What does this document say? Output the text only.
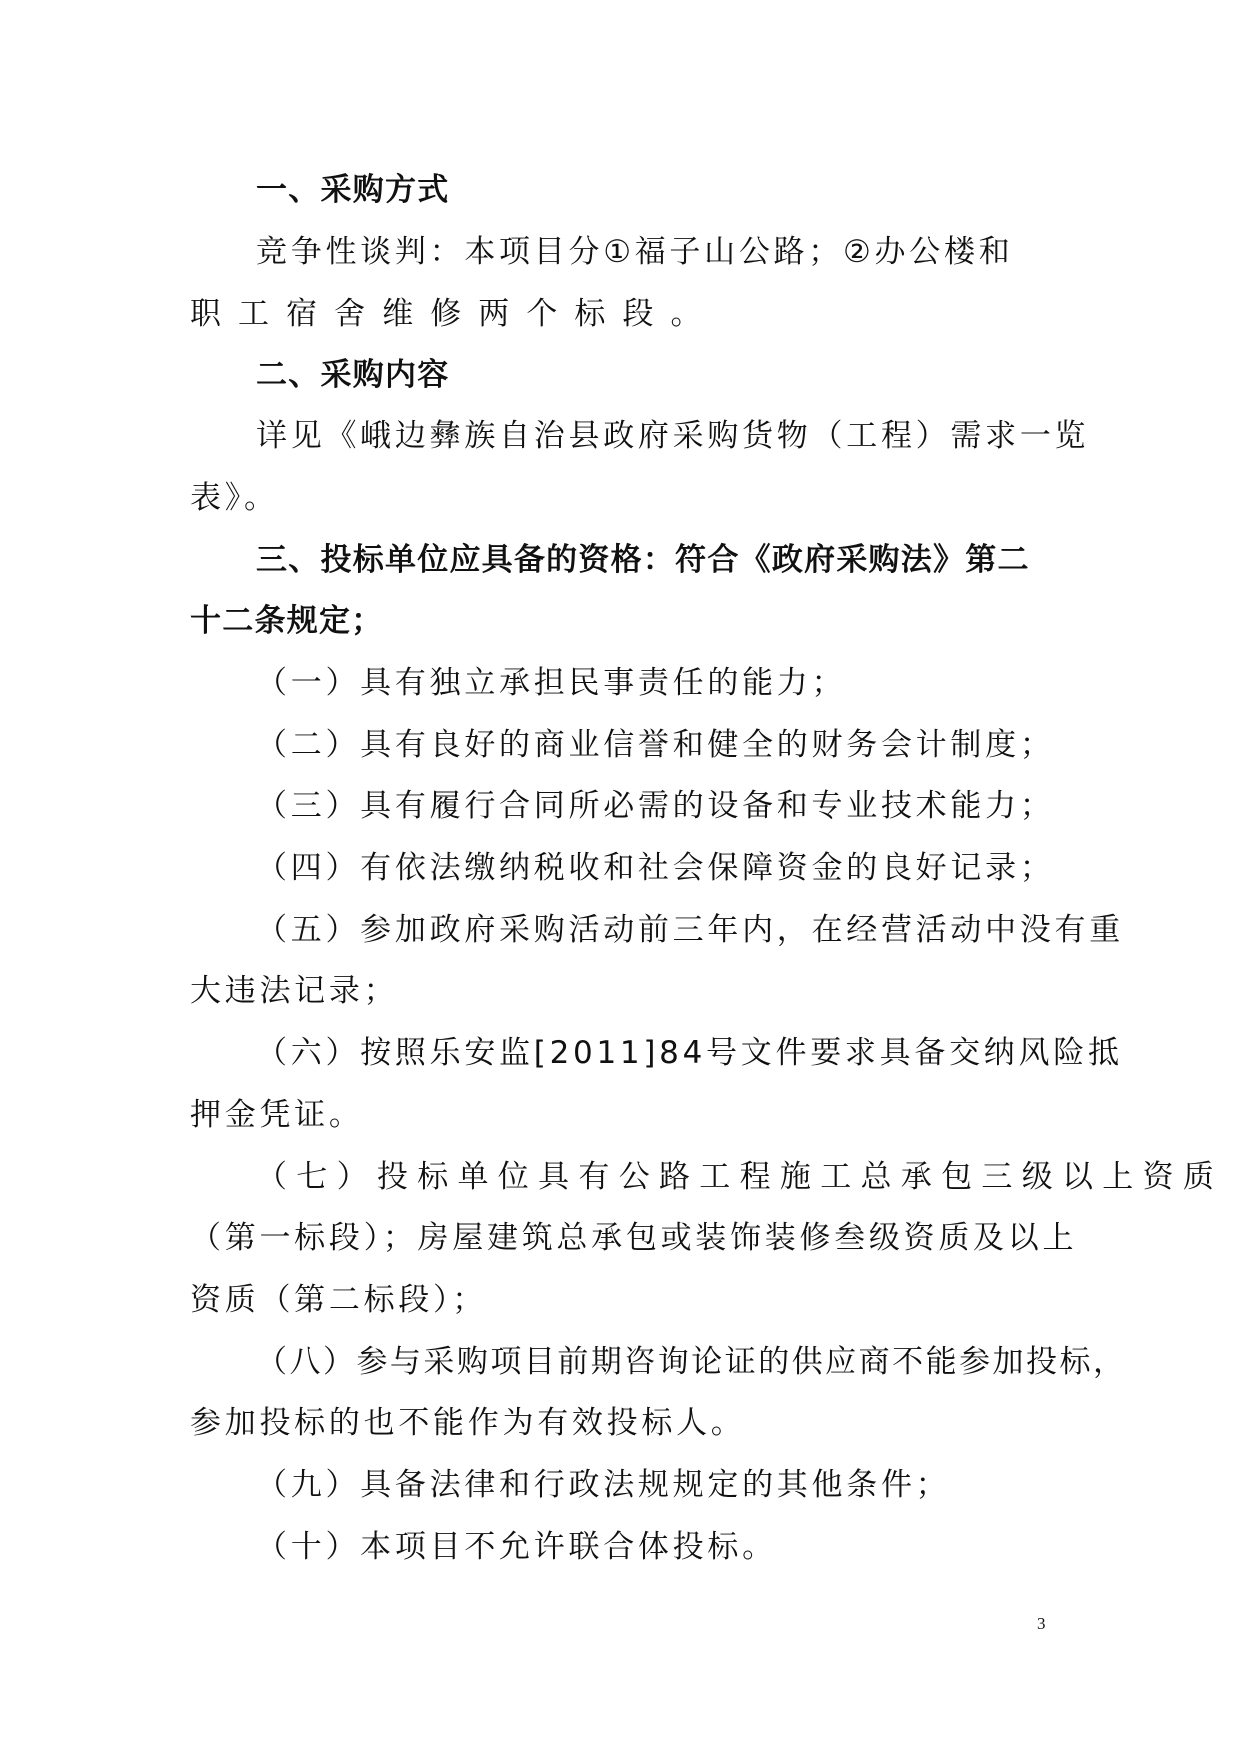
一、采购方式

竞争性谈判：本项目分①福子山公路；②办公楼和

职工宿舍维修两个标段。

二、采购内容

详见《峨边彝族自治县政府采购货物（工程）需求一览

表》。

三、投标单位应具备的资格：符合《政府采购法》第二

十二条规定；

（一）具有独立承担民事责任的能力；

（二）具有良好的商业信誉和健全的财务会计制度；

（三）具有履行合同所必需的设备和专业技术能力；

（四）有依法缴纳税收和社会保障资金的良好记录；

（五）参加政府采购活动前三年内，在经营活动中没有重

大违法记录；

（六）按照乐安监[2011]84号文件要求具备交纳风险抵

押金凭证。

（七）投标单位具有公路工程施工总承包三级以上资质

（第一标段）；房屋建筑总承包或装饰装修叁级资质及以上

资质（第二标段）；

（八）参与采购项目前期咨询论证的供应商不能参加投标，

参加投标的也不能作为有效投标人。

（九）具备法律和行政法规规定的其他条件；

（十）本项目不允许联合体投标。

3
